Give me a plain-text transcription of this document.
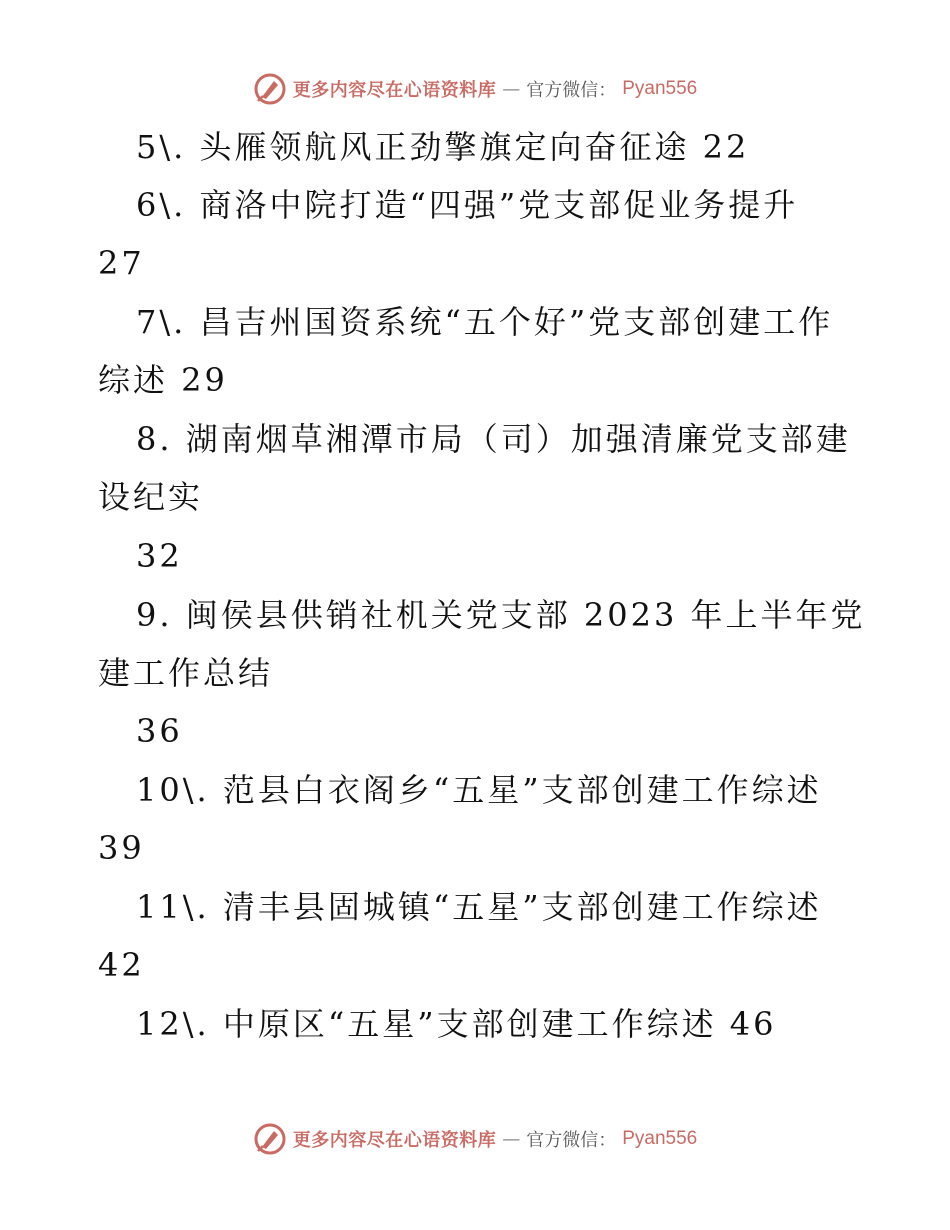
更多内容尽在心语资料库 — 官方微信： Pyan556
5\. 头雁领航风正劲擎旗定向奋征途 22
6\. 商洛中院打造“四强”党支部促业务提升
27
7\. 昌吉州国资系统“五个好”党支部创建工作
综述 29
8. 湖南烟草湘潭市局（司）加强清廉党支部建
设纪实
32
9. 闽侯县供销社机关党支部 2023 年上半年党
建工作总结
36
10\. 范县白衣阁乡“五星”支部创建工作综述
39
11\. 清丰县固城镇“五星”支部创建工作综述
42
12\. 中原区“五星”支部创建工作综述 46
更多内容尽在心语资料库 — 官方微信： Pyan556
